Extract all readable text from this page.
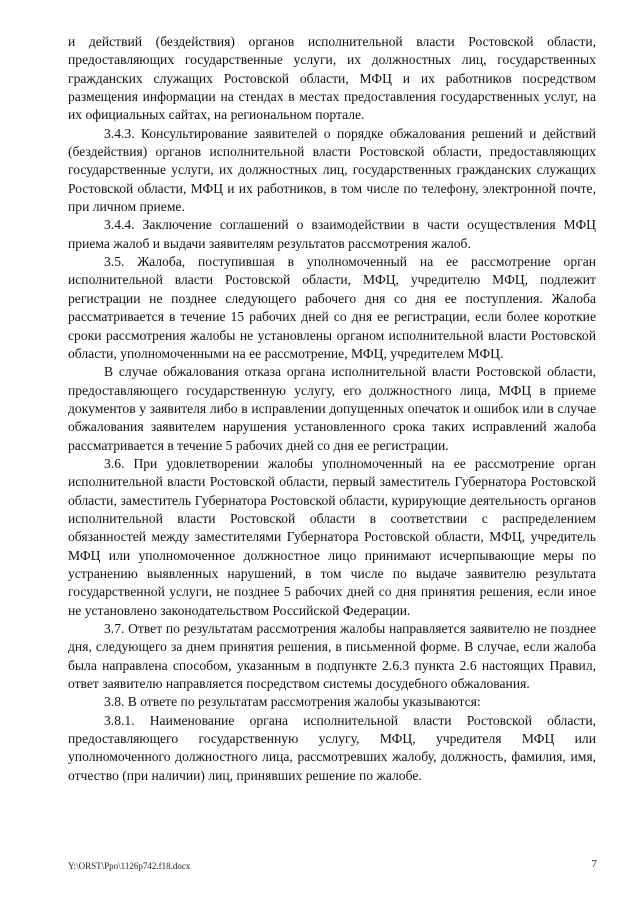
и действий (бездействия) органов исполнительной власти Ростовской области, предоставляющих государственные услуги, их должностных лиц, государственных гражданских служащих Ростовской области, МФЦ и их работников посредством размещения информации на стендах в местах предоставления государственных услуг, на их официальных сайтах, на региональном портале.

3.4.3. Консультирование заявителей о порядке обжалования решений и действий (бездействия) органов исполнительной власти Ростовской области, предоставляющих государственные услуги, их должностных лиц, государственных гражданских служащих Ростовской области, МФЦ и их работников, в том числе по телефону, электронной почте, при личном приеме.

3.4.4. Заключение соглашений о взаимодействии в части осуществления МФЦ приема жалоб и выдачи заявителям результатов рассмотрения жалоб.

3.5. Жалоба, поступившая в уполномоченный на ее рассмотрение орган исполнительной власти Ростовской области, МФЦ, учредителю МФЦ, подлежит регистрации не позднее следующего рабочего дня со дня ее поступления. Жалоба рассматривается в течение 15 рабочих дней со дня ее регистрации, если более короткие сроки рассмотрения жалобы не установлены органом исполнительной власти Ростовской области, уполномоченными на ее рассмотрение, МФЦ, учредителем МФЦ.

В случае обжалования отказа органа исполнительной власти Ростовской области, предоставляющего государственную услугу, его должностного лица, МФЦ в приеме документов у заявителя либо в исправлении допущенных опечаток и ошибок или в случае обжалования заявителем нарушения установленного срока таких исправлений жалоба рассматривается в течение 5 рабочих дней со дня ее регистрации.

3.6. При удовлетворении жалобы уполномоченный на ее рассмотрение орган исполнительной власти Ростовской области, первый заместитель Губернатора Ростовской области, заместитель Губернатора Ростовской области, курирующие деятельность органов исполнительной власти Ростовской области в соответствии с распределением обязанностей между заместителями Губернатора Ростовской области, МФЦ, учредитель МФЦ или уполномоченное должностное лицо принимают исчерпывающие меры по устранению выявленных нарушений, в том числе по выдаче заявителю результата государственной услуги, не позднее 5 рабочих дней со дня принятия решения, если иное не установлено законодательством Российской Федерации.

3.7. Ответ по результатам рассмотрения жалобы направляется заявителю не позднее дня, следующего за днем принятия решения, в письменной форме. В случае, если жалоба была направлена способом, указанным в подпункте 2.6.3 пункта 2.6 настоящих Правил, ответ заявителю направляется посредством системы досудебного обжалования.

3.8. В ответе по результатам рассмотрения жалобы указываются:

3.8.1. Наименование органа исполнительной власти Ростовской области, предоставляющего государственную услугу, МФЦ, учредителя МФЦ или уполномоченного должностного лица, рассмотревших жалобу, должность, фамилия, имя, отчество (при наличии) лиц, принявших решение по жалобе.

Y:\ORST\Ppo\1126p742.f18.docx	7
